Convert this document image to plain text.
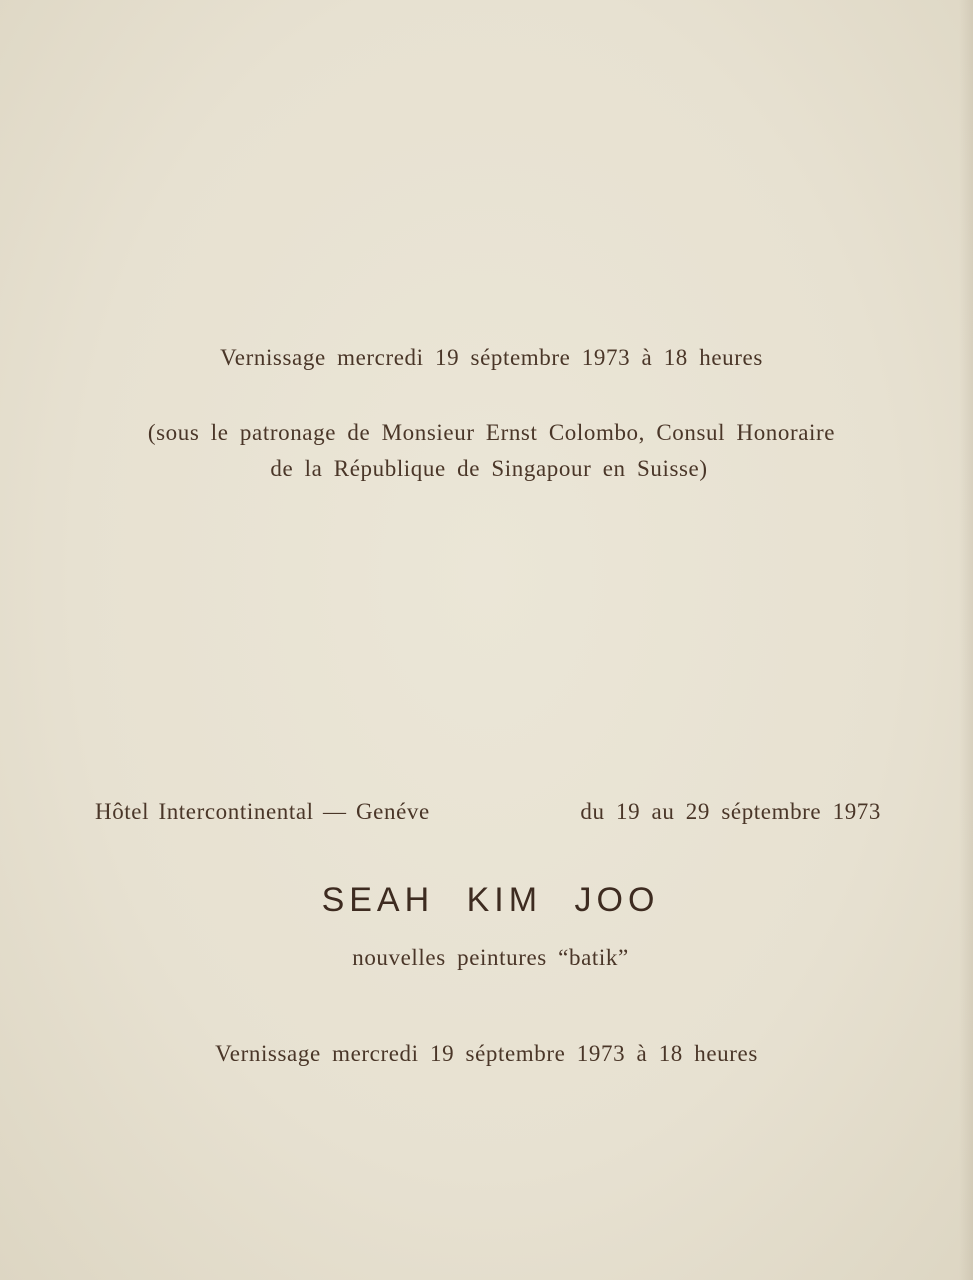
Vernissage mercredi 19 séptembre 1973 à 18 heures
(sous le patronage de Monsieur Ernst Colombo, Consul Honoraire
de la République de Singapour en Suisse)
Hôtel Intercontinental — Genéve	du 19 au 29 séptembre 1973
SEAH KIM JOO
nouvelles peintures “batik”
Vernissage mercredi 19 séptembre 1973 à 18 heures
